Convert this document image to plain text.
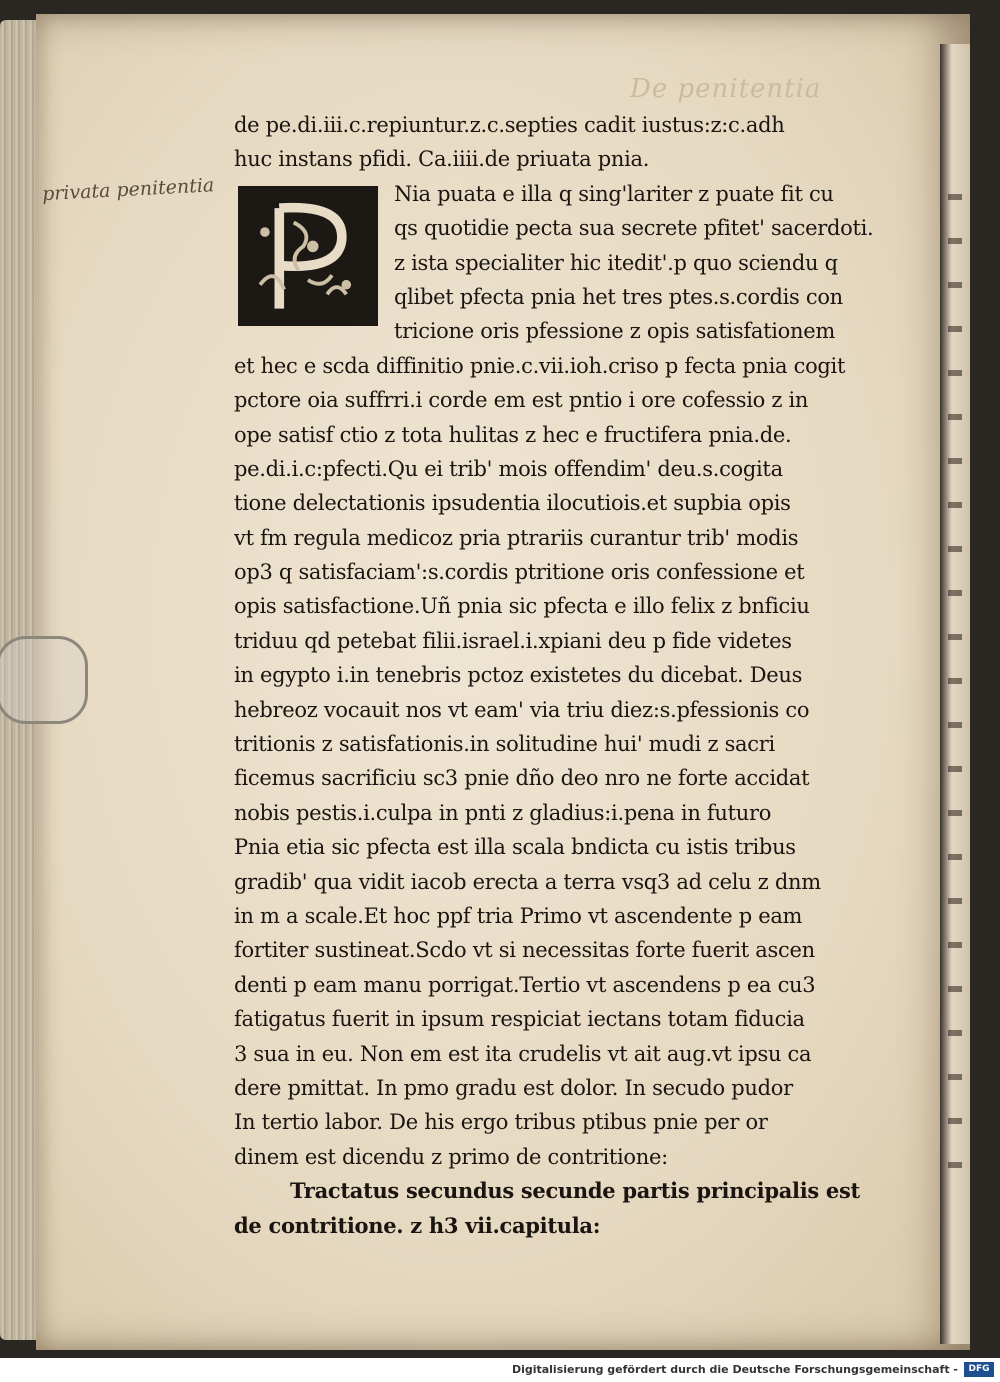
De penitentia
privata penitentia
de pe.di.iii.c.repiuntur.z.c.septies cadit iustus:z:c.adh
huc instans pfidi. Ca.iiii.de priuata pnia.
Nia puata e illa q sing'lariter z puate fit cu
qs quotidie pecta sua secrete pfitet' sacerdoti.
z ista specialiter hic itedit'.p quo sciendu q
qlibet pfecta pnia het tres ptes.s.cordis con
tricione oris pfessione z opis satisfationem
et hec e scda diffinitio pnie.c.vii.ioh.criso p fecta pnia cogit
pctore oia suffrri.i corde em est pntio i ore cofessio z in
ope satisf ctio z tota hulitas z hec e fructifera pnia.de.
pe.di.i.c:pfecti.Qu ei trib' mois offendim' deu.s.cogita
tione delectationis ipsudentia ilocutiois.et supbia opis
vt fm regula medicoz pria ptrariis curantur trib' modis
op3 q satisfaciam':s.cordis ptritione oris confessione et
opis satisfactione.Uñ pnia sic pfecta e illo felix z bnficiu
triduu qd petebat filii.israel.i.xpiani deu p fide videtes
in egypto i.in tenebris pctoz existetes du dicebat. Deus
hebreoz vocauit nos vt eam' via triu diez:s.pfessionis co
tritionis z satisfationis.in solitudine hui' mudi z sacri
ficemus sacrificiu sc3 pnie dño deo nro ne forte accidat
nobis pestis.i.culpa in pnti z gladius:i.pena in futuro
Pnia etia sic pfecta est illa scala bndicta cu istis tribus
gradib' qua vidit iacob erecta a terra vsq3 ad celu z dnm
in m a scale.Et hoc ppf tria Primo vt ascendente p eam
fortiter sustineat.Scdo vt si necessitas forte fuerit ascen
denti p eam manu porrigat.Tertio vt ascendens p ea cu3
fatigatus fuerit in ipsum respiciat iectans totam fiducia
3 sua in eu. Non em est ita crudelis vt ait aug.vt ipsu ca
dere pmittat. In pmo gradu est dolor. In secudo pudor
In tertio labor. De his ergo tribus ptibus pnie per or
dinem est dicendu z primo de contritione:
Tractatus secundus secunde partis principalis est
de contritione. z h3 vii.capitula:
Digitalisierung gefördert durch die Deutsche Forschungsgemeinschaft -	DFG
